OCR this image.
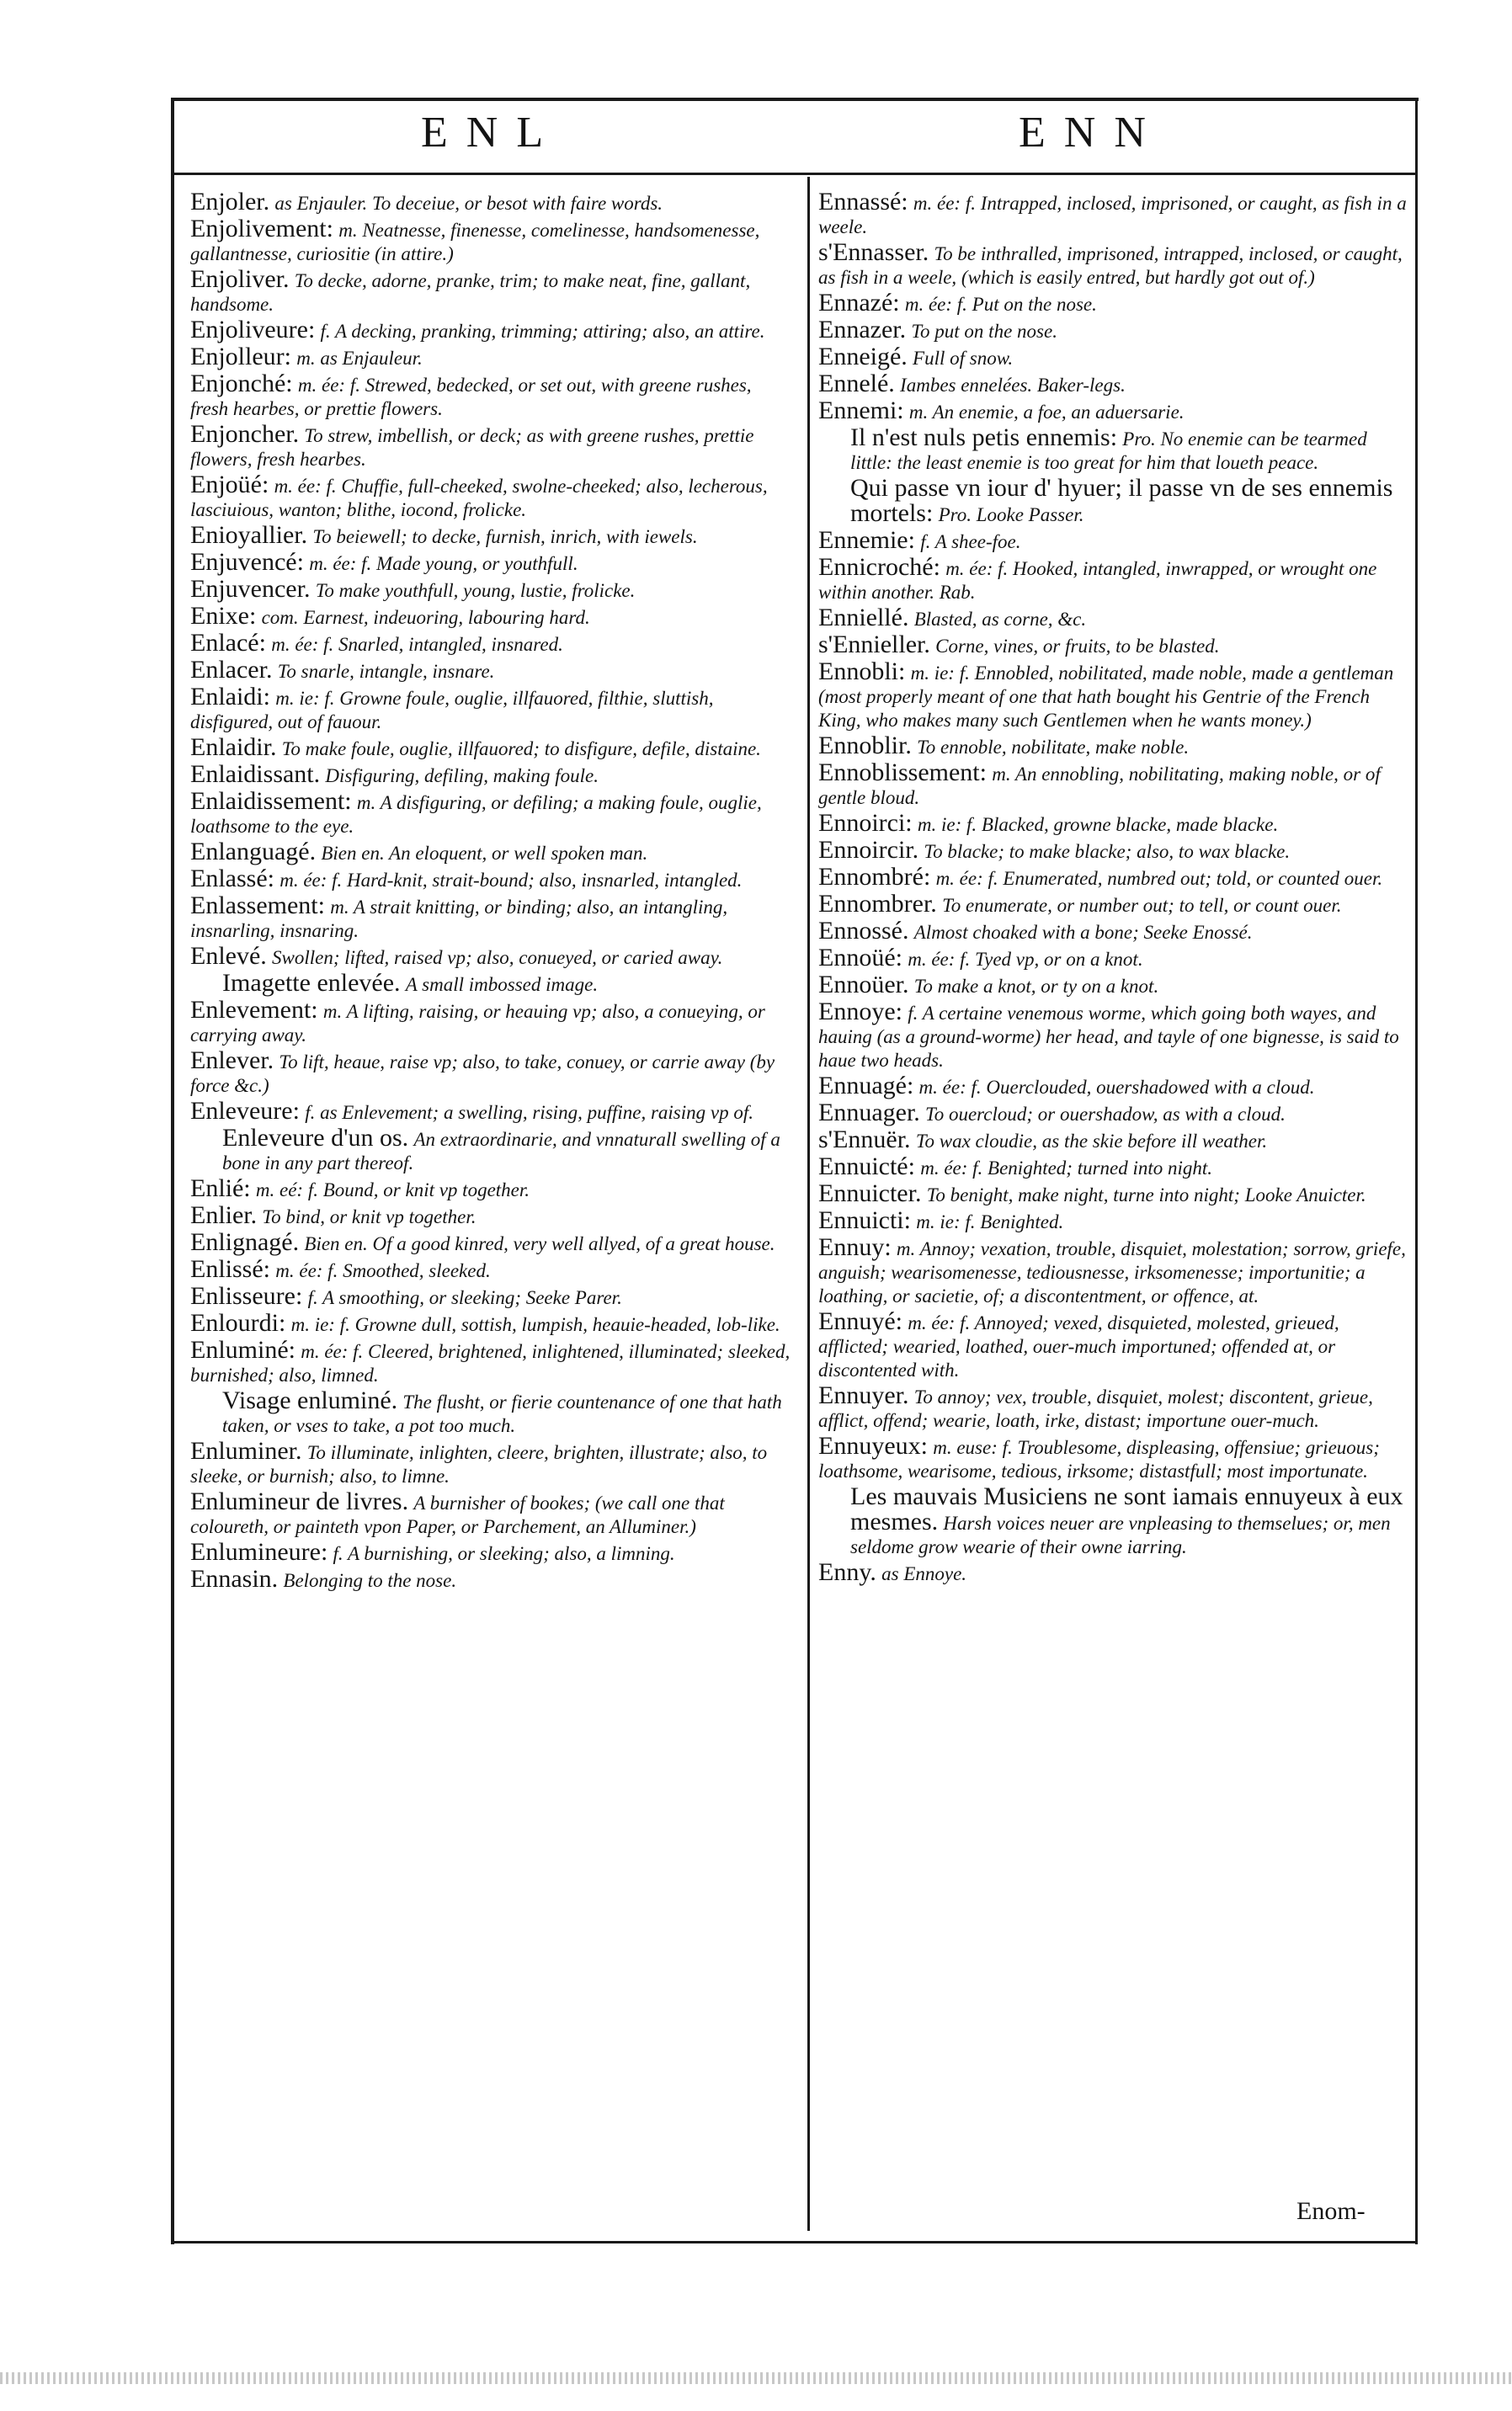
ENL	ENN

Enjoler. as Enjauler. To deceiue, or besot with faire words.

Enjolivement: m. Neatnesse, finenesse, comelinesse, handsomenesse, gallantnesse, curiositie (in attire.)

Enjoliver. To decke, adorne, pranke, trim; to make neat, fine, gallant, handsome.

Enjoliveure: f. A decking, pranking, trimming; attiring; also, an attire.

Enjolleur: m. as Enjauleur.

Enjonché: m. ée: f. Strewed, bedecked, or set out, with greene rushes, fresh hearbes, or prettie flowers.

Enjoncher. To strew, imbellish, or deck; as with greene rushes, prettie flowers, fresh hearbes.

Enjoüé: m. ée: f. Chuffie, full-cheeked, swolne-cheeked; also, lecherous, lasciuious, wanton; blithe, iocond, frolicke.

Enioyallier. To beiewell; to decke, furnish, inrich, with iewels.

Enjuvencé: m. ée: f. Made young, or youthfull.

Enjuvencer. To make youthfull, young, lustie, frolicke.

Enixe: com. Earnest, indeuoring, labouring hard.

Enlacé: m. ée: f. Snarled, intangled, insnared.

Enlacer. To snarle, intangle, insnare.

Enlaidi: m. ie: f. Growne foule, ouglie, illfauored, filthie, sluttish, disfigured, out of fauour.

Enlaidir. To make foule, ouglie, illfauored; to disfigure, defile, distaine.

Enlaidissant. Disfiguring, defiling, making foule.

Enlaidissement: m. A disfiguring, or defiling; a making foule, ouglie, loathsome to the eye.

Enlanguagé. Bien en. An eloquent, or well spoken man.

Enlassé: m. ée: f. Hard-knit, strait-bound; also, insnarled, intangled.

Enlassement: m. A strait knitting, or binding; also, an intangling, insnarling, insnaring.

Enlevé. Swollen; lifted, raised vp; also, conueyed, or caried away.

Imagette enlevée. A small imbossed image.

Enlevement: m. A lifting, raising, or heauing vp; also, a conueying, or carrying away.

Enlever. To lift, heaue, raise vp; also, to take, conuey, or carrie away (by force &c.)

Enleveure: f. as Enlevement; a swelling, rising, puffine, raising vp of.

Enleveure d'un os. An extraordinarie, and vnnaturall swelling of a bone in any part thereof.

Enlié: m. eé: f. Bound, or knit vp together.

Enlier. To bind, or knit vp together.

Enlignagé. Bien en. Of a good kinred, very well allyed, of a great house.

Enlissé: m. ée: f. Smoothed, sleeked.

Enlisseure: f. A smoothing, or sleeking; Seeke Parer.

Enlourdi: m. ie: f. Growne dull, sottish, lumpish, heauie-headed, lob-like.

Enluminé: m. ée: f. Cleered, brightened, inlightened, illuminated; sleeked, burnished; also, limned.

Visage enluminé. The flusht, or fierie countenance of one that hath taken, or vses to take, a pot too much.

Enluminer. To illuminate, inlighten, cleere, brighten, illustrate; also, to sleeke, or burnish; also, to limne.

Enlumineur de livres. A burnisher of bookes; (we call one that coloureth, or painteth vpon Paper, or Parchement, an Alluminer.)

Enlumineure: f. A burnishing, or sleeking; also, a limning.

Ennasin. Belonging to the nose.

Ennassé: m. ée: f. Intrapped, inclosed, imprisoned, or caught, as fish in a weele.

s'Ennasser. To be inthralled, imprisoned, intrapped, inclosed, or caught, as fish in a weele, (which is easily entred, but hardly got out of.)

Ennazé: m. ée: f. Put on the nose.

Ennazer. To put on the nose.

Enneigé. Full of snow.

Ennelé. Iambes ennelées. Baker-legs.

Ennemi: m. An enemie, a foe, an aduersarie.

Il n'est nuls petis ennemis: Pro. No enemie can be tearmed little: the least enemie is too great for him that loueth peace.

Qui passe vn iour d' hyuer; il passe vn de ses ennemis mortels: Pro. Looke Passer.

Ennemie: f. A shee-foe.

Ennicroché: m. ée: f. Hooked, intangled, inwrapped, or wrought one within another. Rab.

Enniellé. Blasted, as corne, &c.

s'Ennieller. Corne, vines, or fruits, to be blasted.

Ennobli: m. ie: f. Ennobled, nobilitated, made noble, made a gentleman (most properly meant of one that hath bought his Gentrie of the French King, who makes many such Gentlemen when he wants money.)

Ennoblir. To ennoble, nobilitate, make noble.

Ennoblissement: m. An ennobling, nobilitating, making noble, or of gentle bloud.

Ennoirci: m. ie: f. Blacked, growne blacke, made blacke.

Ennoircir. To blacke; to make blacke; also, to wax blacke.

Ennombré: m. ée: f. Enumerated, numbred out; told, or counted ouer.

Ennombrer. To enumerate, or number out; to tell, or count ouer.

Ennossé. Almost choaked with a bone; Seeke Enossé.

Ennoüé: m. ée: f. Tyed vp, or on a knot.

Ennoüer. To make a knot, or ty on a knot.

Ennoye: f. A certaine venemous worme, which going both wayes, and hauing (as a ground-worme) her head, and tayle of one bignesse, is said to haue two heads.

Ennuagé: m. ée: f. Ouerclouded, ouershadowed with a cloud.

Ennuager. To ouercloud; or ouershadow, as with a cloud.

s'Ennuër. To wax cloudie, as the skie before ill weather.

Ennuicté: m. ée: f. Benighted; turned into night.

Ennuicter. To benight, make night, turne into night; Looke Anuicter.

Ennuicti: m. ie: f. Benighted.

Ennuy: m. Annoy; vexation, trouble, disquiet, molestation; sorrow, griefe, anguish; wearisomenesse, tediousnesse, irksomenesse; importunitie; a loathing, or sacietie, of; a discontentment, or offence, at.

Ennuyé: m. ée: f. Annoyed; vexed, disquieted, molested, grieued, afflicted; wearied, loathed, ouer-much importuned; offended at, or discontented with.

Ennuyer. To annoy; vex, trouble, disquiet, molest; discontent, grieue, afflict, offend; wearie, loath, irke, distast; importune ouer-much.

Ennuyeux: m. euse: f. Troublesome, displeasing, offensiue; grieuous; loathsome, wearisome, tedious, irksome; distastfull; most importunate.

Les mauvais Musiciens ne sont iamais ennuyeux à eux mesmes. Harsh voices neuer are vnpleasing to themselues; or, men seldome grow wearie of their owne iarring.

Enny. as Ennoye.

Enom-
